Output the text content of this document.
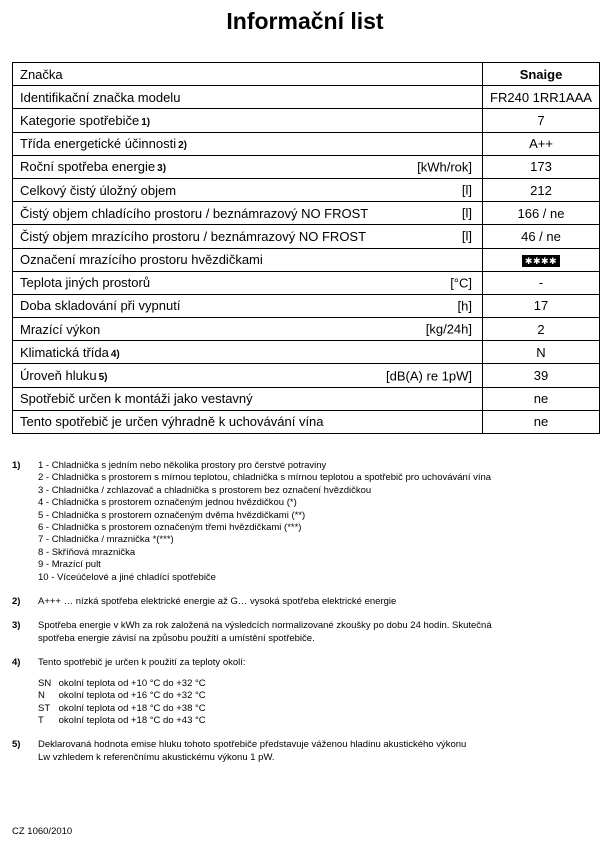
Informační list
Značka	Snaige
Identifikační značka modelu	FR240 1RR1AAA
Kategorie spotřebiče 1)	7
Třída energetické účinnosti 2)	A++
Roční spotřeba energie 3) [kWh/rok]	173
Celkový čistý úložný objem [l]	212
Čistý objem chladícího prostoru / beznámrazový NO FROST [l]	166 / ne
Čistý objem mrazícího prostoru / beznámrazový NO FROST [l]	46 / ne
Označení mrazícího prostoru hvězdičkami	✱✱✱✱
Teplota jiných prostorů [°C]	-
Doba skladování při vypnutí [h]	17
Mrazící výkon [kg/24h]	2
Klimatická třída 4)	N
Úroveň hluku 5) [dB(A) re 1pW]	39
Spotřebič určen k montáži jako vestavný	ne
Tento spotřebič je určen výhradně k uchovávání vína	ne
1) 1 - Chladnička s jedním nebo několika prostory pro čerstvé potraviny
2 - Chladnička s prostorem s mírnou teplotou, chladnička s mírnou teplotou a spotřebič pro uchovávání vína
3 - Chladnička / zchlazovač a chladnička s prostorem bez označení hvězdičkou
4 - Chladnička s prostorem označeným jednou hvězdičkou (*)
5 - Chladnička s prostorem označeným dvěma hvězdičkami (**)
6 - Chladnička s prostorem označeným třemi hvězdičkami (***)
7 - Chladnička / mraznička *(***)
8 - Skříňová mraznička
9 - Mrazící pult
10 - Víceúčelové a jiné chladící spotřebiče
2) A+++ … nízká spotřeba elektrické energie až G… vysoká spotřeba elektrické energie
3) Spotřeba energie v kWh za rok založená na výsledcích normalizované zkoušky po dobu 24 hodin. Skutečná
spotřeba energie závisí na způsobu použití a umístění spotřebiče.
4) Tento spotřebič je určen k použití za teploty okolí:
SN okolní teplota od +10 °C do +32 °C
N okolní teplota od +16 °C do +32 °C
ST okolní teplota od +18 °C do +38 °C
T okolní teplota od +18 °C do +43 °C
5) Deklarovaná hodnota emise hluku tohoto spotřebiče představuje váženou hladinu akustického výkonu
Lw vzhledem k referenčnímu akustickému výkonu 1 pW.
CZ 1060/2010
